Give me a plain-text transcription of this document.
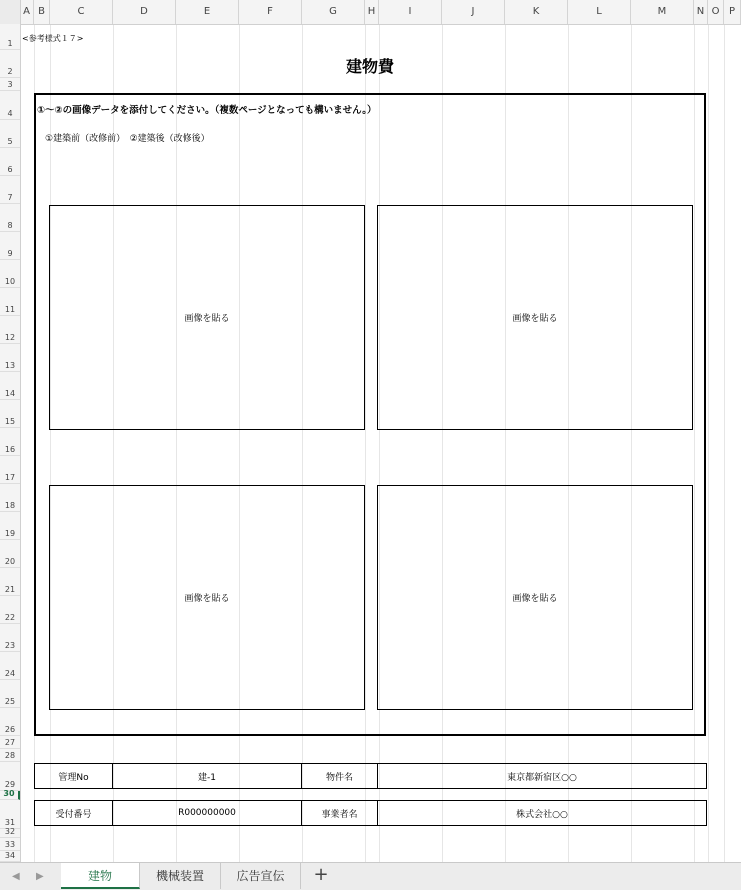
A B	C	D	E	F	G	H	I	J	K	L	M	N O P
1
2
3
4
5
6
7
8
9
10
11
12
13
14
15
16
17
18
19
20
21
22
23
24
25
26
27
28
29
30
31
32
33
34
<参考様式１７>
建物費
①～②の画像データを添付してください。（複数ページとなっても構いません。）
①建築前（改修前）　②建築後（改修後）
画像を貼る	画像を貼る
画像を貼る	画像を貼る
管理No	建-1	物件名	東京都新宿区○○
受付番号	R000000000	事業者名	株式会社○○
◀ ▶	建物	機械装置	広告宣伝	+
